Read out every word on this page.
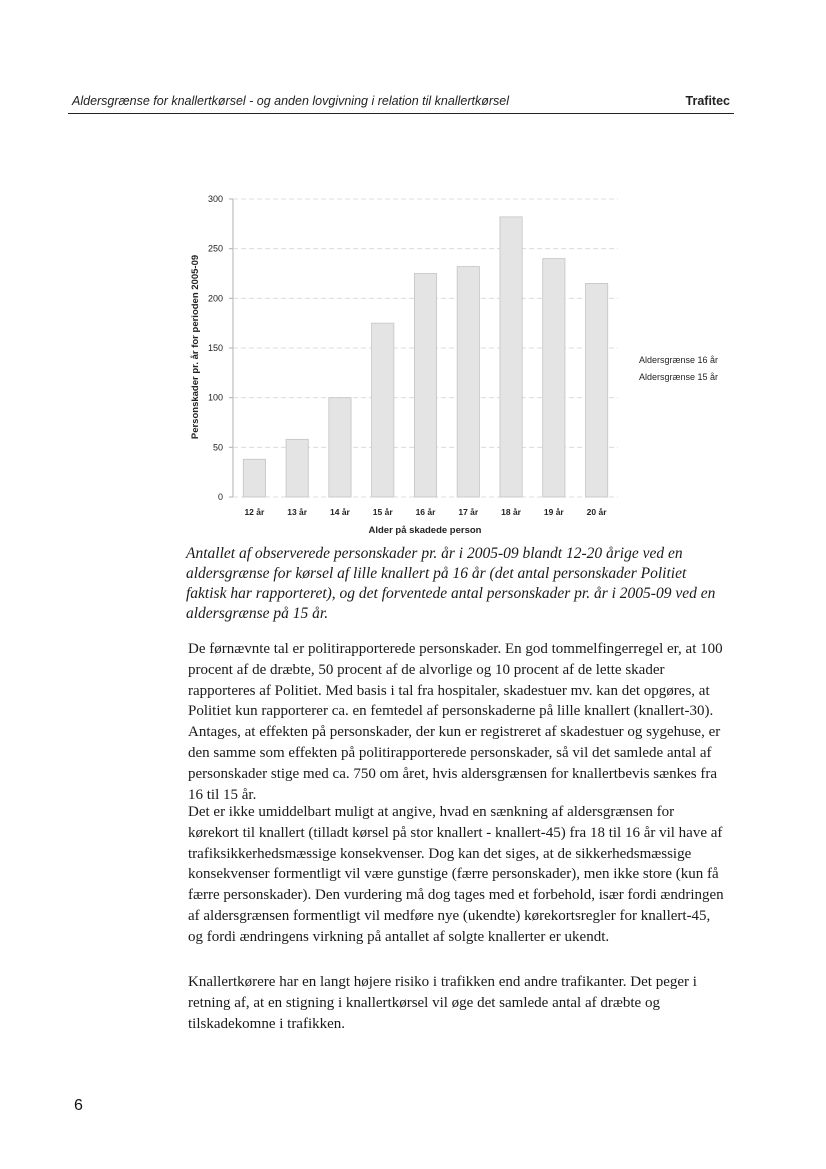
Aldersgrænse for knallertkørsel - og anden lovgivning i relation til knallertkørsel	Trafitec
0
50
100
150
200
250
300
12 år	13 år	14 år	15 år	16 år	17 år	18 år	19 år	20 år
Personskader pr. år for perioden 2005-09
Alder på skadede person
Aldersgrænse 16 år
Aldersgrænse 15 år

Antallet af observerede personskader pr. år i 2005-09 blandt 12-20 årige ved en aldersgrænse for kørsel af lille knallert på 16 år (det antal personskader Politiet faktisk har rapporteret), og det forventede antal personskader pr. år i 2005-09 ved en aldersgrænse på 15 år.

De førnævnte tal er politirapporterede personskader. En god tommelfingerregel er, at 100 procent af de dræbte, 50 procent af de alvorlige og 10 procent af de lette skader rapporteres af Politiet. Med basis i tal fra hospitaler, skadestuer mv. kan det opgøres, at Politiet kun rapporterer ca. en femtedel af personskaderne på lille knallert (knallert-30). Antages, at effekten på personskader, der kun er registreret af skadestuer og sygehuse, er den samme som effekten på politirapporterede personskader, så vil det samlede antal af personskader stige med ca. 750 om året, hvis aldersgrænsen for knallertbevis sænkes fra 16 til 15 år.

Det er ikke umiddelbart muligt at angive, hvad en sænkning af aldersgrænsen for kørekort til knallert (tilladt kørsel på stor knallert - knallert-45) fra 18 til 16 år vil have af trafiksikkerhedsmæssige konsekvenser. Dog kan det siges, at de sikkerhedsmæssige konsekvenser formentligt vil være gunstige (færre personskader), men ikke store (kun få færre personskader). Den vurdering må dog tages med et forbehold, især fordi ændringen af aldersgrænsen formentligt vil medføre nye (ukendte) kørekortsregler for knallert-45, og fordi ændringens virkning på antallet af solgte knallerter er ukendt.

Knallertkørere har en langt højere risiko i trafikken end andre trafikanter. Det peger i retning af, at en stigning i knallertkørsel vil øge det samlede antal af dræbte og tilskadekomne i trafikken.

6
